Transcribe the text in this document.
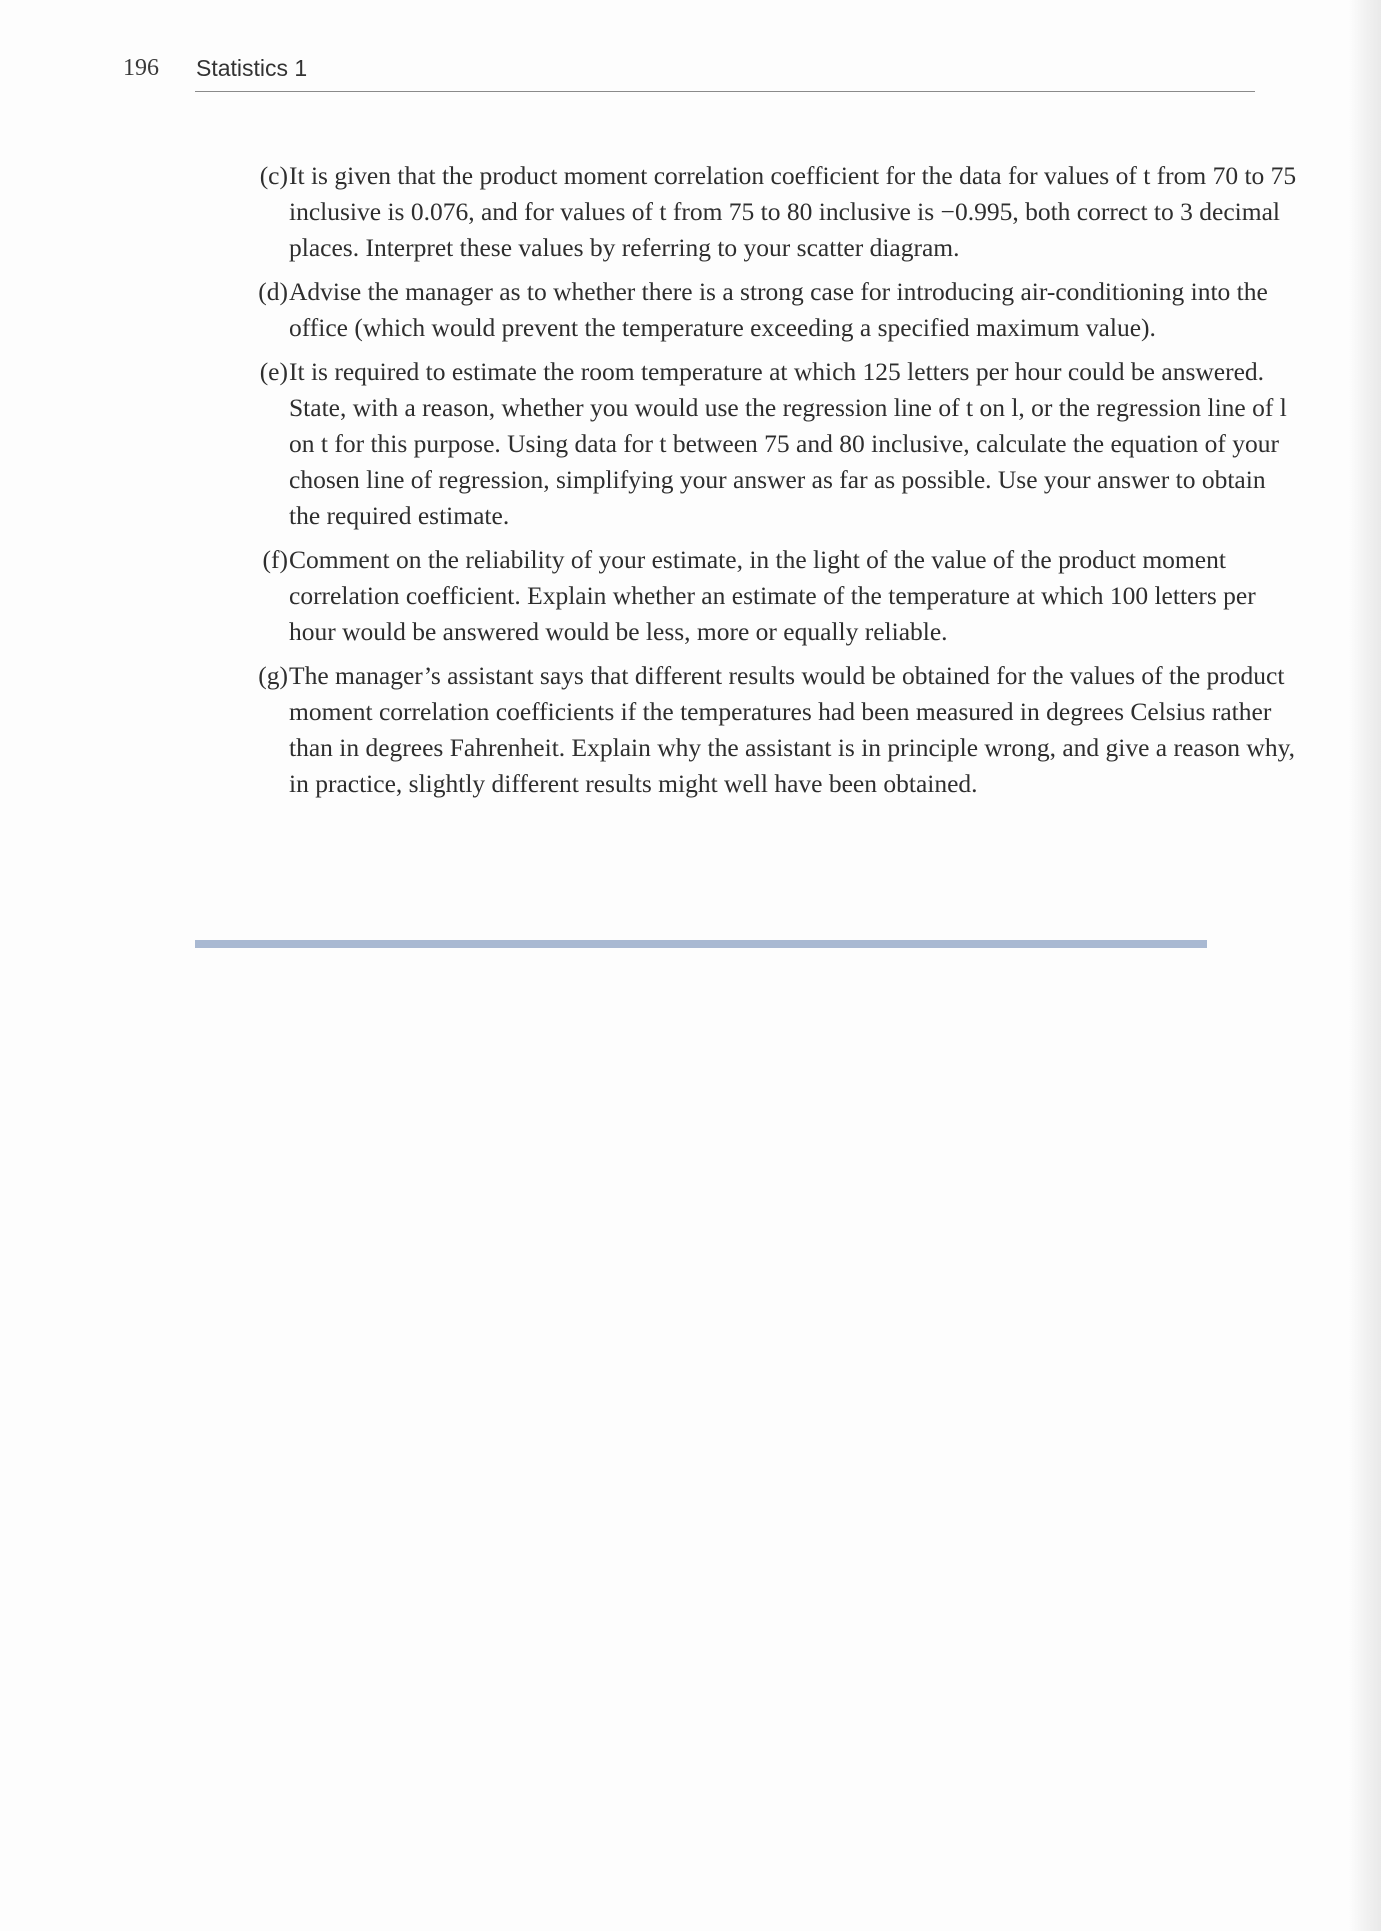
196 Statistics 1
(c) It is given that the product moment correlation coefficient for the data for values of t from 70 to 75 inclusive is 0.076, and for values of t from 75 to 80 inclusive is −0.995, both correct to 3 decimal places. Interpret these values by referring to your scatter diagram.
(d) Advise the manager as to whether there is a strong case for introducing air-conditioning into the office (which would prevent the temperature exceeding a specified maximum value).
(e) It is required to estimate the room temperature at which 125 letters per hour could be answered. State, with a reason, whether you would use the regression line of t on l, or the regression line of l on t for this purpose. Using data for t between 75 and 80 inclusive, calculate the equation of your chosen line of regression, simplifying your answer as far as possible. Use your answer to obtain the required estimate.
(f) Comment on the reliability of your estimate, in the light of the value of the product moment correlation coefficient. Explain whether an estimate of the temperature at which 100 letters per hour would be answered would be less, more or equally reliable.
(g) The manager’s assistant says that different results would be obtained for the values of the product moment correlation coefficients if the temperatures had been measured in degrees Celsius rather than in degrees Fahrenheit. Explain why the assistant is in principle wrong, and give a reason why, in practice, slightly different results might well have been obtained.
